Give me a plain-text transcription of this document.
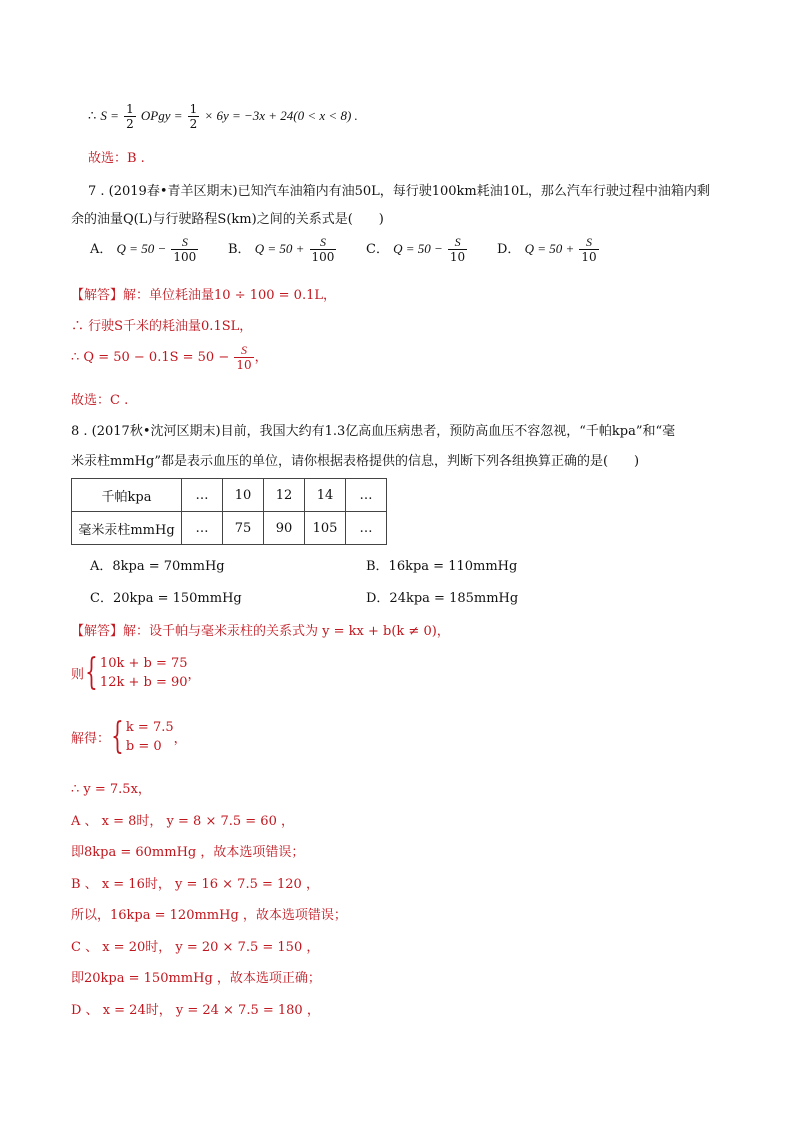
∴ $S = \frac{1}{2}$ OPgy = $\frac{1}{2} \times 6y = -3x + 24(0 < x < 8)$ .
故选：B .
7 . (2019春•青羊区期末)已知汽车油箱内有油50L，每行驶100km耗油10L，那么汽车行驶过程中油箱内剩
余的油量Q(L)与行驶路程S(km)之间的关系式是(　　)
A． $Q = 50 - \frac{S}{100}$ B． $Q = 50 + \frac{S}{100}$ C． $Q = 50 - \frac{S}{10}$ D． $Q = 50 + \frac{S}{10}$
【解答】解：单位耗油量10 ÷ 100 = 0.1L，
∴ 行驶S千米的耗油量0.1SL，
∴ $Q = 50 - 0.1S = 50 - \frac{S}{10}$ ，
故选：C .
8 . (2017秋•沈河区期末)目前，我国大约有1.3亿高血压病患者，预防高血压不容忽视，“千帕kpa”和“毫
米汞柱mmHg”都是表示血压的单位，请你根据表格提供的信息，判断下列各组换算正确的是(　　)
千帕kpa	…	10	12	14	…
毫米汞柱mmHg	…	75	90	105	…
A．8kpa = 70mmHg	B．16kpa = 110mmHg
C．20kpa = 150mmHg	D．24kpa = 185mmHg
【解答】解：设千帕与毫米汞柱的关系式为 y = kx + b(k ≠ 0)，
则{ 10k + b = 75
12k + b = 90 ，
解得：{ k = 7.5
b = 0 ，
∴ y = 7.5x，
A 、 x = 8时， y = 8 × 7.5 = 60 ，
即8kpa = 60mmHg ，故本选项错误；
B 、 x = 16时， y = 16 × 7.5 = 120 ，
所以，16kpa = 120mmHg ，故本选项错误；
C 、 x = 20时， y = 20 × 7.5 = 150 ，
即20kpa = 150mmHg ，故本选项正确；
D 、 x = 24时， y = 24 × 7.5 = 180 ，
